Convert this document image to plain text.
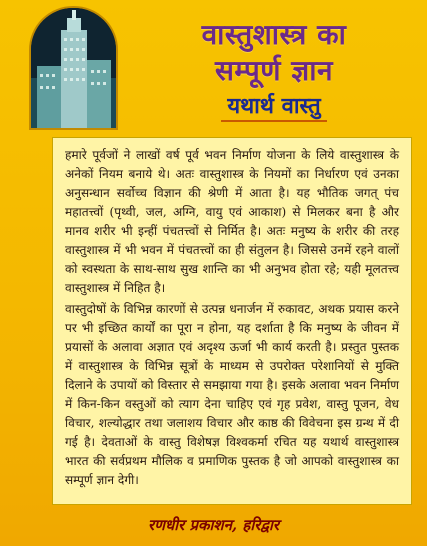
वास्तुशास्त्र का
सम्पूर्ण ज्ञान
यथार्थ वास्तु

हमारे पूर्वजों ने लाखों वर्ष पूर्व भवन निर्माण योजना के लिये वास्तुशास्त्र के अनेकों नियम बनाये थे। अतः वास्तुशास्त्र के नियमों का निर्धारण एवं उनका अनुसन्धान सर्वोच्च विज्ञान की श्रेणी में आता है। यह भौतिक जगत् पंच महातत्त्वों (पृथ्वी, जल, अग्नि, वायु एवं आकाश) से मिलकर बना है और मानव शरीर भी इन्हीं पंचतत्त्वों से निर्मित है। अतः मनुष्य के शरीर की तरह वास्तुशास्त्र में भी भवन में पंचतत्त्वों का ही संतुलन है। जिससे उनमें रहने वालों को स्वस्थता के साथ-साथ सुख शान्ति का भी अनुभव होता रहे; यही मूलतत्त्व वास्तुशास्त्र में निहित है।

वास्तुदोषों के विभिन्न कारणों से उत्पन्न धनार्जन में रुकावट, अथक प्रयास करने पर भी इच्छित कार्यों का पूरा न होना, यह दर्शाता है कि मनुष्य के जीवन में प्रयासों के अलावा अज्ञात एवं अदृश्य ऊर्जा भी कार्य करती है। प्रस्तुत पुस्तक में वास्तुशास्त्र के विभिन्न सूत्रों के माध्यम से उपरोक्त परेशानियों से मुक्ति दिलाने के उपायों को विस्तार से समझाया गया है। इसके अलावा भवन निर्माण में किन-किन वस्तुओं को त्याग देना चाहिए एवं गृह प्रवेश, वास्तु पूजन, वेध विचार, शल्योद्धार तथा जलाशय विचार और काष्ठ की विवेचना इस ग्रन्थ में दी गई है। देवताओं के वास्तु विशेषज्ञ विश्वकर्मा रचित यह यथार्थ वास्तुशास्त्र भारत की सर्वप्रथम मौलिक व प्रमाणिक पुस्तक है जो आपको वास्तुशास्त्र का सम्पूर्ण ज्ञान देगी।

रणधीर प्रकाशन, हरिद्वार
